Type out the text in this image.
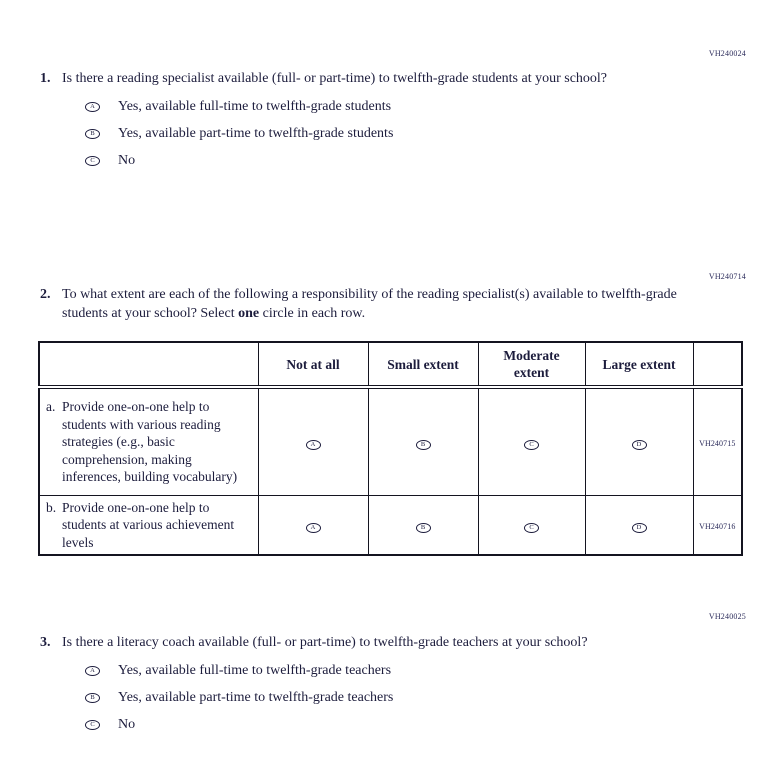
VH240024
VH240714
VH240025
1. Is there a reading specialist available (full- or part-time) to twelfth-grade students at your school?
A	Yes, available full-time to twelfth-grade students
B	Yes, available part-time to twelfth-grade students
C	No
2. To what extent are each of the following a responsibility of the reading specialist(s) available to twelfth-grade students at your school? Select one circle in each row.
	Not at all	Small extent	Moderate extent	Large extent	

a. Provide one-on-one help to students with various reading strategies (e.g., basic comprehension, making inferences, building vocabulary)	A	B	C	D	VH240715

b. Provide one-on-one help to students at various achievement levels	A	B	C	D	VH240716
3. Is there a literacy coach available (full- or part-time) to twelfth-grade teachers at your school?
A	Yes, available full-time to twelfth-grade teachers
B	Yes, available part-time to twelfth-grade teachers
C	No
